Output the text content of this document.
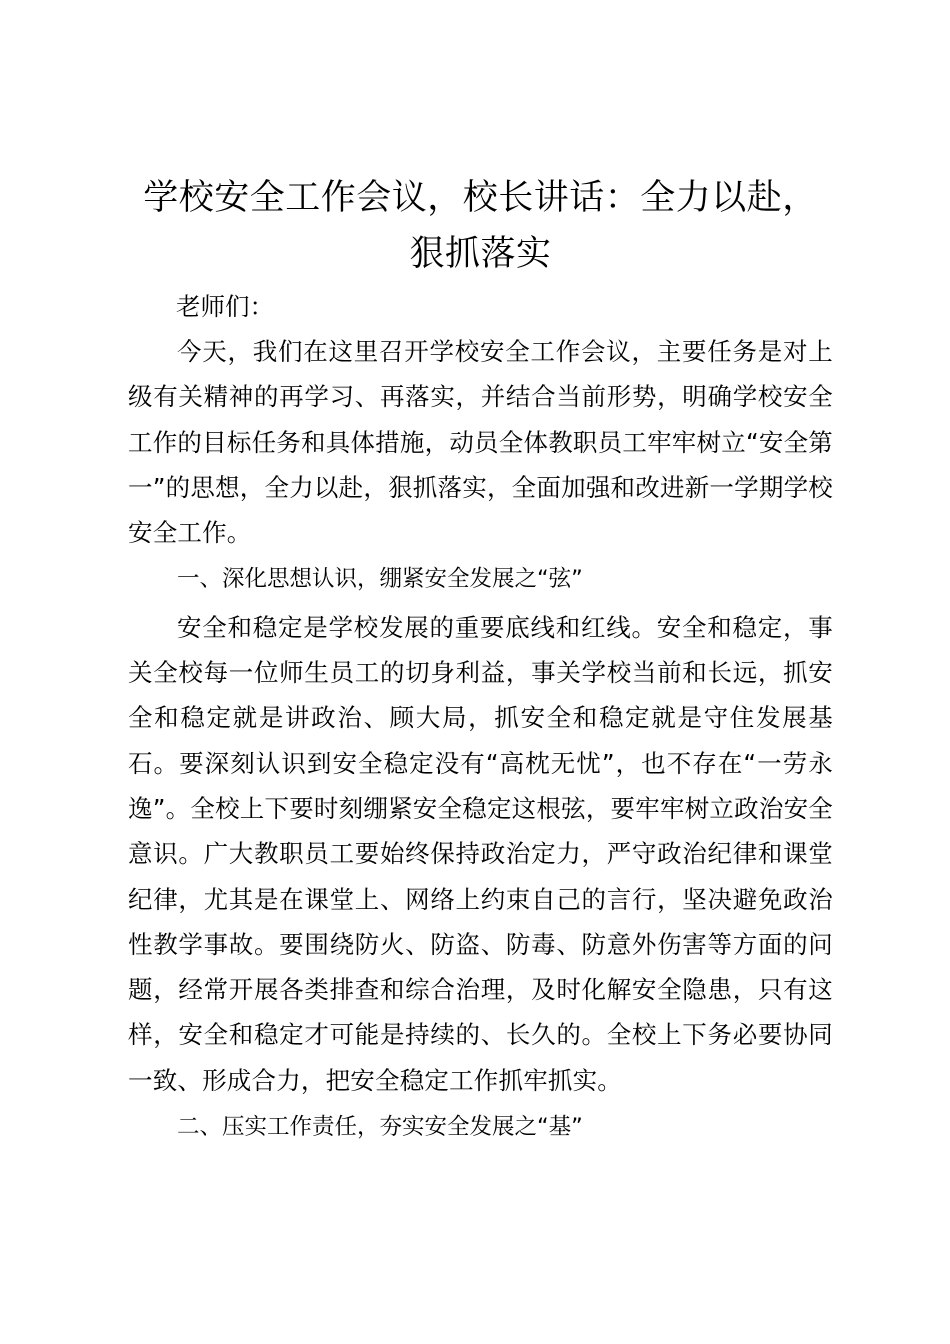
学校安全工作会议，校长讲话：全力以赴，狠抓落实

老师们：

今天，我们在这里召开学校安全工作会议，主要任务是对上级有关精神的再学习、再落实，并结合当前形势，明确学校安全工作的目标任务和具体措施，动员全体教职员工牢牢树立“安全第一”的思想，全力以赴，狠抓落实，全面加强和改进新一学期学校安全工作。

一、深化思想认识，绷紧安全发展之“弦”

安全和稳定是学校发展的重要底线和红线。安全和稳定，事关全校每一位师生员工的切身利益，事关学校当前和长远，抓安全和稳定就是讲政治、顾大局，抓安全和稳定就是守住发展基石。要深刻认识到安全稳定没有“高枕无忧”，也不存在“一劳永逸”。全校上下要时刻绷紧安全稳定这根弦，要牢牢树立政治安全意识。广大教职员工要始终保持政治定力，严守政治纪律和课堂纪律，尤其是在课堂上、网络上约束自己的言行，坚决避免政治性教学事故。要围绕防火、防盗、防毒、防意外伤害等方面的问题，经常开展各类排查和综合治理，及时化解安全隐患，只有这样，安全和稳定才可能是持续的、长久的。全校上下务必要协同一致、形成合力，把安全稳定工作抓牢抓实。

二、压实工作责任，夯实安全发展之“基”
